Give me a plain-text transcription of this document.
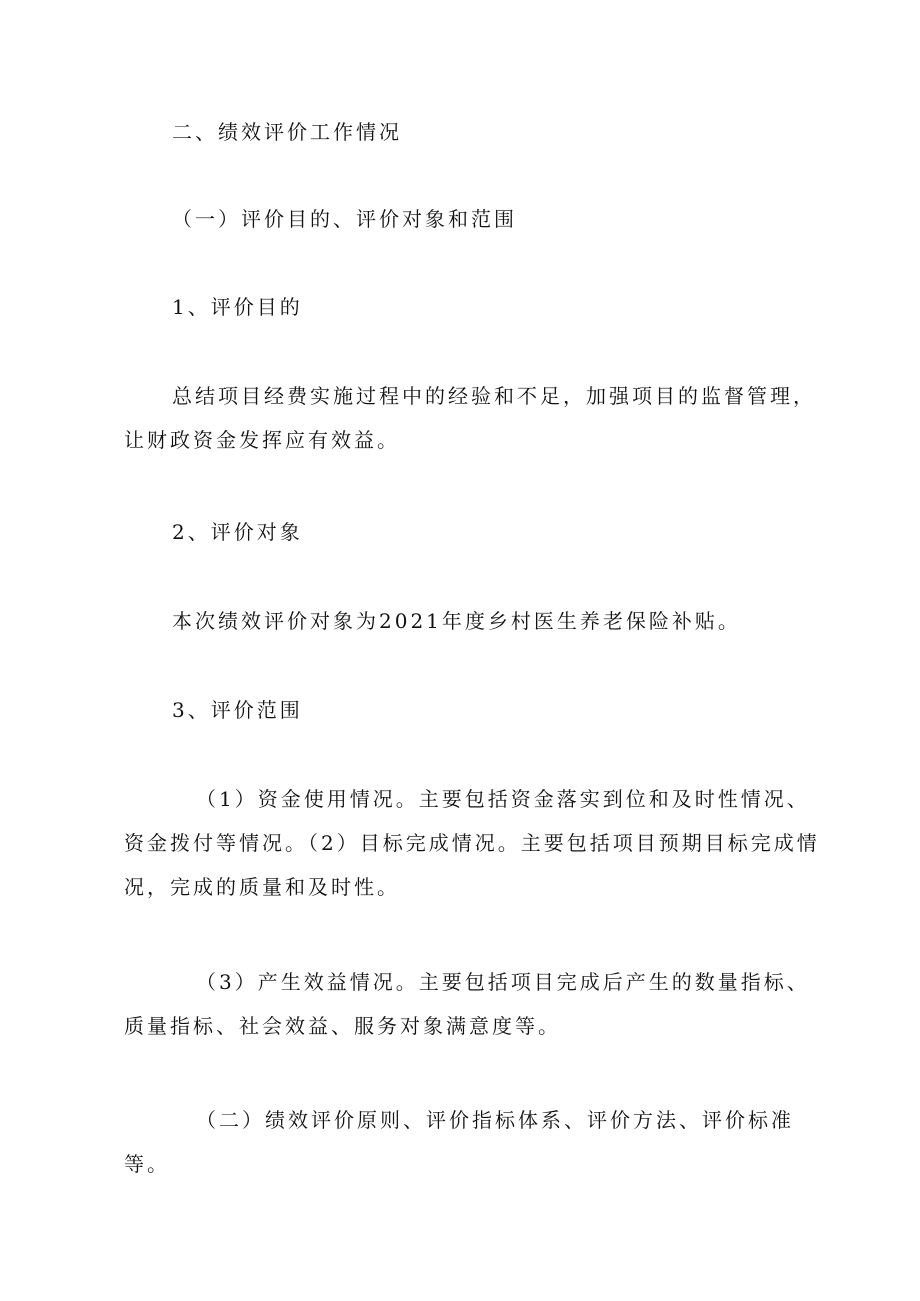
二、绩效评价工作情况
（一）评价目的、评价对象和范围
1、评价目的
总结项目经费实施过程中的经验和不足，加强项目的监督管理，让财政资金发挥应有效益。
2、评价对象
本次绩效评价对象为2021年度乡村医生养老保险补贴。
3、评价范围
（1）资金使用情况。主要包括资金落实到位和及时性情况、资金拨付等情况。（2）目标完成情况。主要包括项目预期目标完成情况，完成的质量和及时性。
（3）产生效益情况。主要包括项目完成后产生的数量指标、质量指标、社会效益、服务对象满意度等。
（二）绩效评价原则、评价指标体系、评价方法、评价标准等。
